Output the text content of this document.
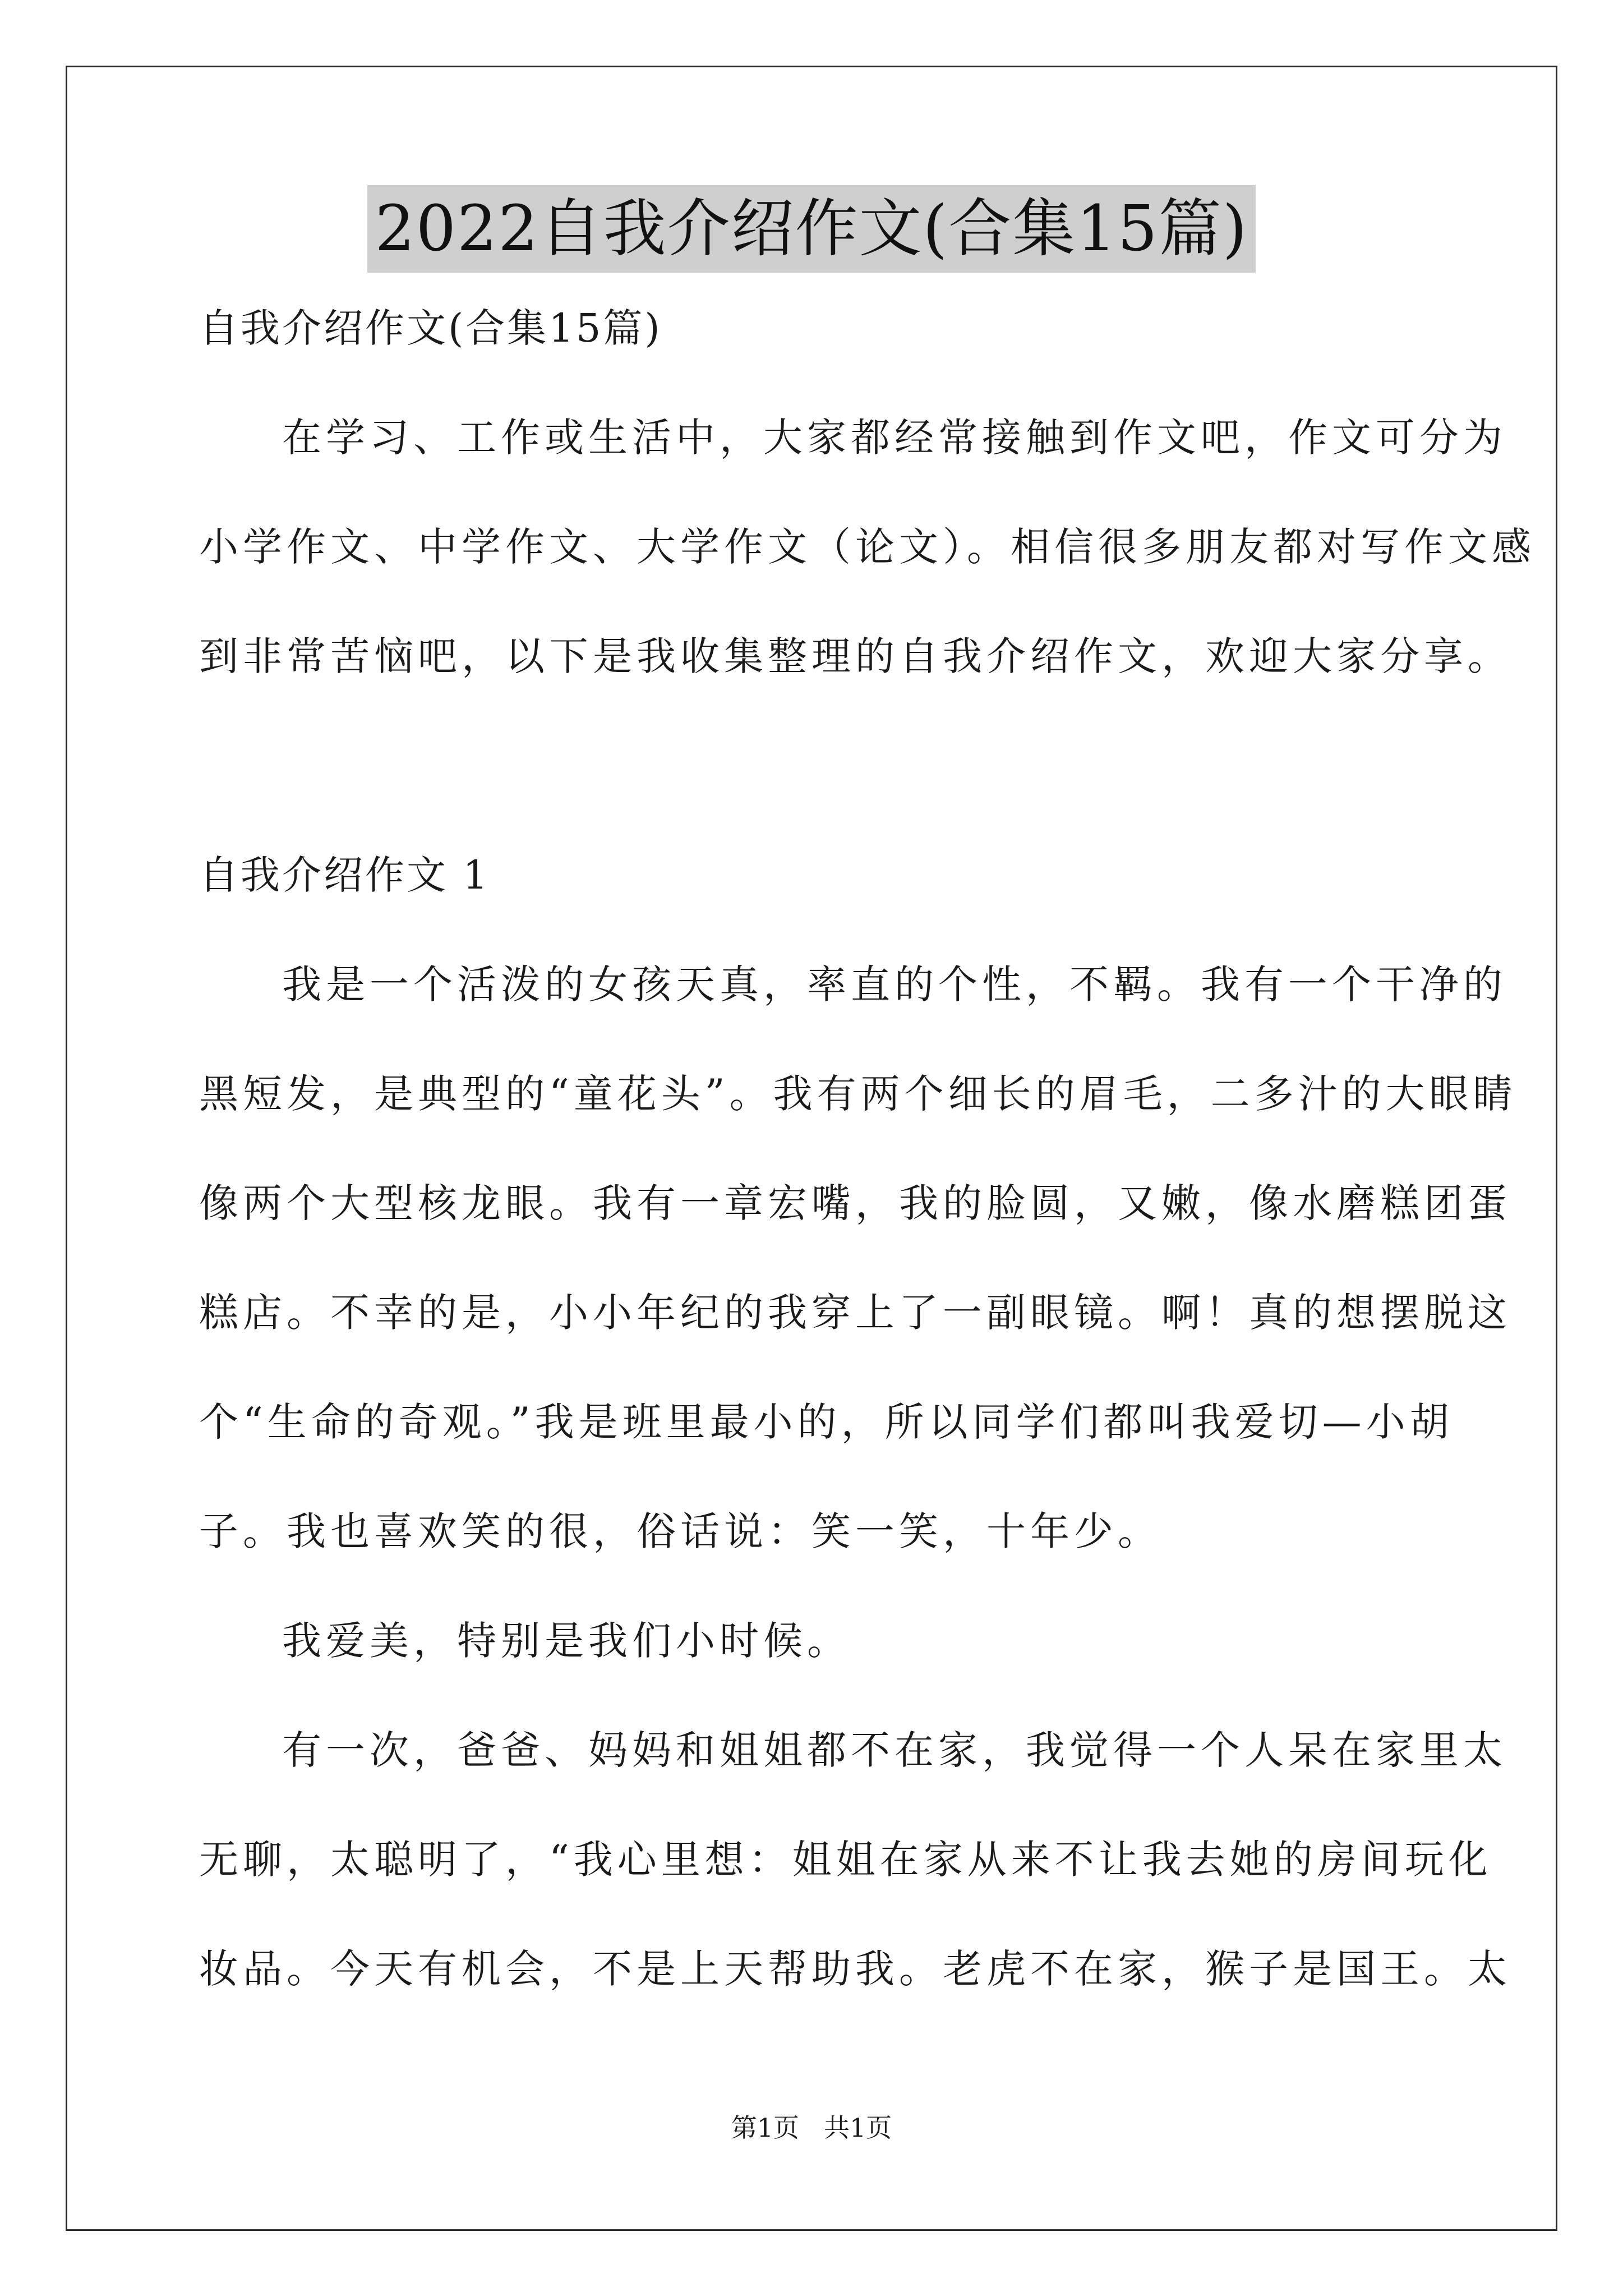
2022自我介绍作文(合集15篇)
自我介绍作文(合集15篇)
在学习、工作或生活中，大家都经常接触到作文吧，作文可分为
小学作文、中学作文、大学作文（论文）。相信很多朋友都对写作文感
到非常苦恼吧，以下是我收集整理的自我介绍作文，欢迎大家分享。
自我介绍作文 1
我是一个活泼的女孩天真，率直的个性，不羁。我有一个干净的
黑短发，是典型的“童花头”。我有两个细长的眉毛，二多汁的大眼睛
像两个大型核龙眼。我有一章宏嘴，我的脸圆，又嫩，像水磨糕团蛋
糕店。不幸的是，小小年纪的我穿上了一副眼镜。啊！真的想摆脱这
个“生命的奇观。”我是班里最小的，所以同学们都叫我爱切—小胡
子。我也喜欢笑的很，俗话说：笑一笑，十年少。
我爱美，特别是我们小时候。
有一次，爸爸、妈妈和姐姐都不在家，我觉得一个人呆在家里太
无聊，太聪明了，“我心里想：姐姐在家从来不让我去她的房间玩化
妆品。今天有机会，不是上天帮助我。老虎不在家，猴子是国王。太
第1页 共1页
